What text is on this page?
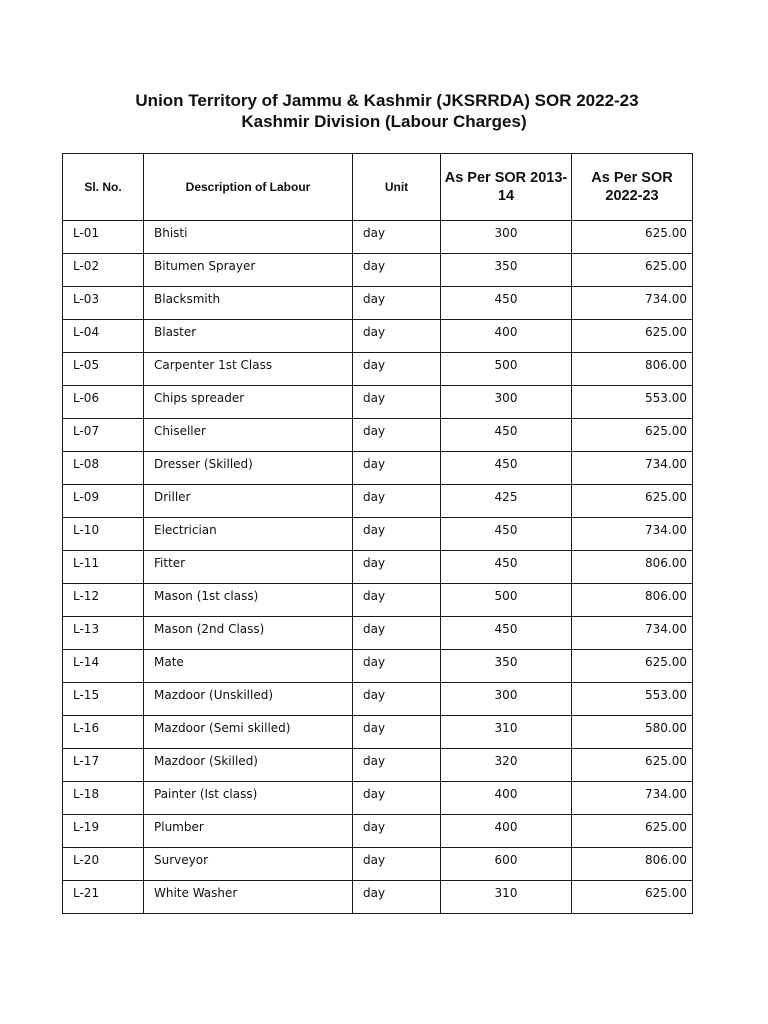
Union Territory of Jammu & Kashmir (JKSRRDA) SOR 2022-23
Kashmir Division (Labour Charges)
Sl. No.	Description of Labour	Unit	As Per SOR 2013-14	As Per SOR 2022-23
L-01	Bhisti	day	300	625.00
L-02	Bitumen Sprayer	day	350	625.00
L-03	Blacksmith	day	450	734.00
L-04	Blaster	day	400	625.00
L-05	Carpenter 1st Class	day	500	806.00
L-06	Chips spreader	day	300	553.00
L-07	Chiseller	day	450	625.00
L-08	Dresser (Skilled)	day	450	734.00
L-09	Driller	day	425	625.00
L-10	Electrician	day	450	734.00
L-11	Fitter	day	450	806.00
L-12	Mason (1st class)	day	500	806.00
L-13	Mason (2nd Class)	day	450	734.00
L-14	Mate	day	350	625.00
L-15	Mazdoor (Unskilled)	day	300	553.00
L-16	Mazdoor (Semi skilled)	day	310	580.00
L-17	Mazdoor (Skilled)	day	320	625.00
L-18	Painter (Ist class)	day	400	734.00
L-19	Plumber	day	400	625.00
L-20	Surveyor	day	600	806.00
L-21	White Washer	day	310	625.00
